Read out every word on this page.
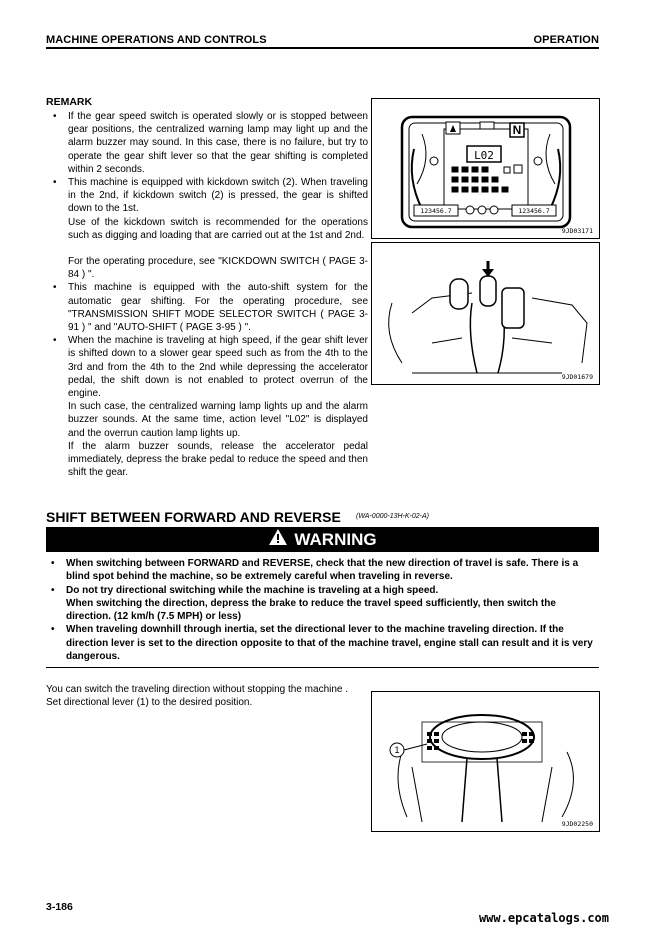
MACHINE OPERATIONS AND CONTROLS	OPERATION
REMARK
• If the gear speed switch is operated slowly or is stopped between gear positions, the centralized warning lamp may light up and the alarm buzzer may sound. In this case, there is no failure, but try to operate the gear shift lever so that the gear shifting is completed within 2 seconds.

• This machine is equipped with kickdown switch (2). When traveling in the 2nd, if kickdown switch (2) is pressed, the gear is shifted down to the 1st.

Use of the kickdown switch is recommended for the operations such as digging and loading that are carried out at the 1st and 2nd.

For the operating procedure, see "KICKDOWN SWITCH ( PAGE 3-84 ) ".

• This machine is equipped with the auto-shift system for the automatic gear shifting. For the operating procedure, see "TRANSMISSION SHIFT MODE SELECTOR SWITCH ( PAGE 3-91 ) " and "AUTO-SHIFT ( PAGE 3-95 ) ".

• When the machine is traveling at high speed, if the gear shift lever is shifted down to a slower gear speed such as from the 4th to the 3rd and from the 4th to the 2nd while depressing the accelerator pedal, the shift down is not enabled to protect overrun of the engine.

In such case, the centralized warning lamp lights up and the alarm buzzer sounds. At the same time, action level "L02" is displayed and the overrun caution lamp lights up.

If the alarm buzzer sounds, release the accelerator pedal immediately, depress the brake pedal to reduce the speed and then shift the gear.

N
L02
123456.7	123456.7
9JD03171
9JD01679
SHIFT BETWEEN FORWARD AND REVERSE (WA-0000-13H-K-02-A)
WARNING
• When switching between FORWARD and REVERSE, check that the new direction of travel is safe. There is a blind spot behind the machine, so be extremely careful when traveling in reverse.

• Do not try directional switching while the machine is traveling at a high speed.

When switching the direction, depress the brake to reduce the travel speed sufficiently, then switch the direction. (12 km/h (7.5 MPH) or less)

• When traveling downhill through inertia, set the directional lever to the machine traveling direction. If the direction lever is set to the direction opposite to that of the machine travel, engine stall can result and it is very dangerous.

You can switch the traveling direction without stopping the machine .

Set directional lever (1) to the desired position.

1
9JD02250
3-186
www.epcatalogs.com
